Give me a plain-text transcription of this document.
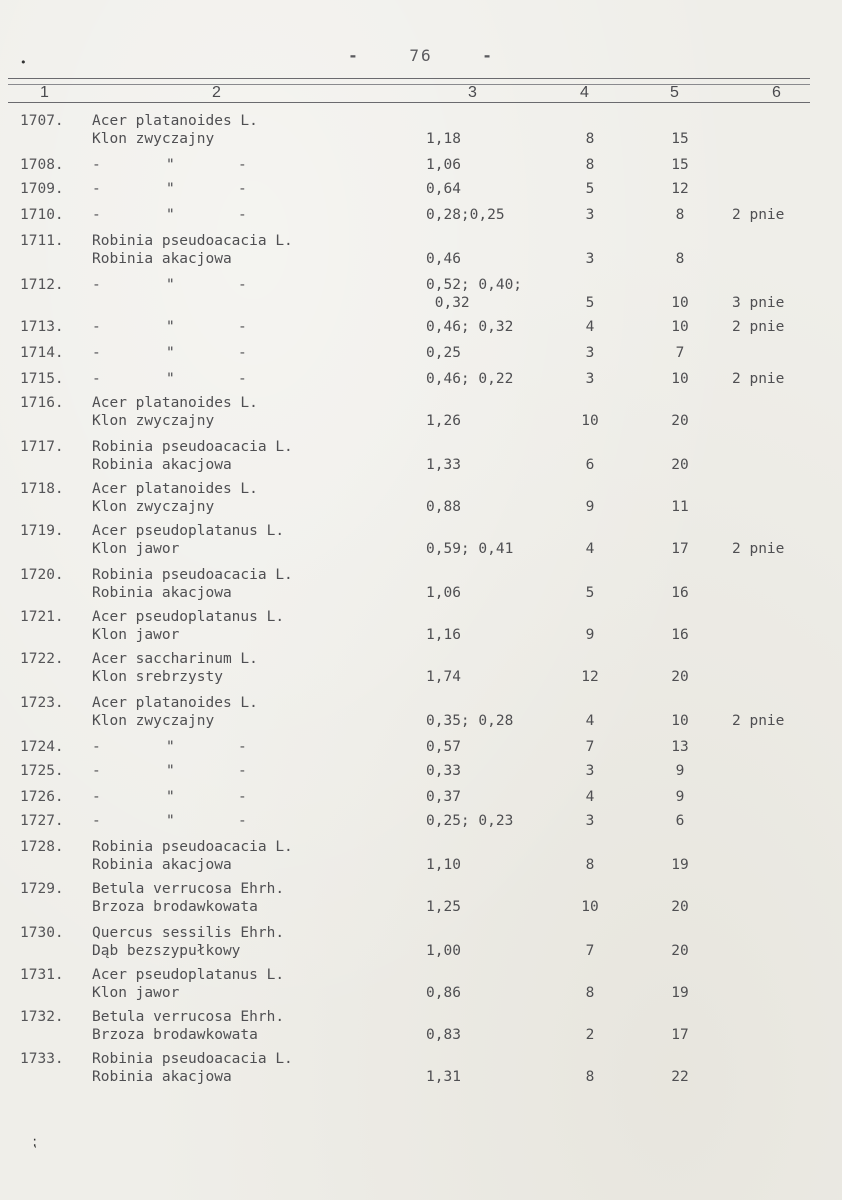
-	76	-
1	2	3	4	5	6
1707. Acer platanoides L.
Klon zwyczajny	1,18	8	15
1708. -	"	-	1,06	8	15
1709. -	"	-	0,64	5	12
1710. -	"	-	0,28;0,25	3	8	2 pnie
1711. Robinia pseudoacacia L.
Robinia akacjowa	0,46	3	8
1712. -	"	-	0,52; 0,40;
0,32	5	10	3 pnie
1713. -	"	-	0,46; 0,32	4	10	2 pnie
1714. -	"	-	0,25	3	7
1715. -	"	-	0,46; 0,22	3	10	2 pnie
1716. Acer platanoides L.
Klon zwyczajny	1,26	10	20
1717. Robinia pseudoacacia L.
Robinia akacjowa	1,33	6	20
1718. Acer platanoides L.
Klon zwyczajny	0,88	9	11
1719. Acer pseudoplatanus L.
Klon jawor	0,59; 0,41	4	17	2 pnie
1720. Robinia pseudoacacia L.
Robinia akacjowa	1,06	5	16
1721. Acer pseudoplatanus L.
Klon jawor	1,16	9	16
1722. Acer saccharinum L.
Klon srebrzysty	1,74	12	20
1723. Acer platanoides L.
Klon zwyczajny	0,35; 0,28	4	10	2 pnie
1724. -	"	-	0,57	7	13
1725. -	"	-	0,33	3	9
1726. -	"	-	0,37	4	9
1727. -	"	-	0,25; 0,23	3	6
1728. Robinia pseudoacacia L.
Robinia akacjowa	1,10	8	19
1729. Betula verrucosa Ehrh.
Brzoza brodawkowata	1,25	10	20
1730. Quercus sessilis Ehrh.
Dąb bezszypułkowy	1,00	7	20
1731. Acer pseudoplatanus L.
Klon jawor	0,86	8	19
1732. Betula verrucosa Ehrh.
Brzoza brodawkowata	0,83	2	17
1733. Robinia pseudoacacia L.
Robinia akacjowa	1,31	8	22
•
⁏
